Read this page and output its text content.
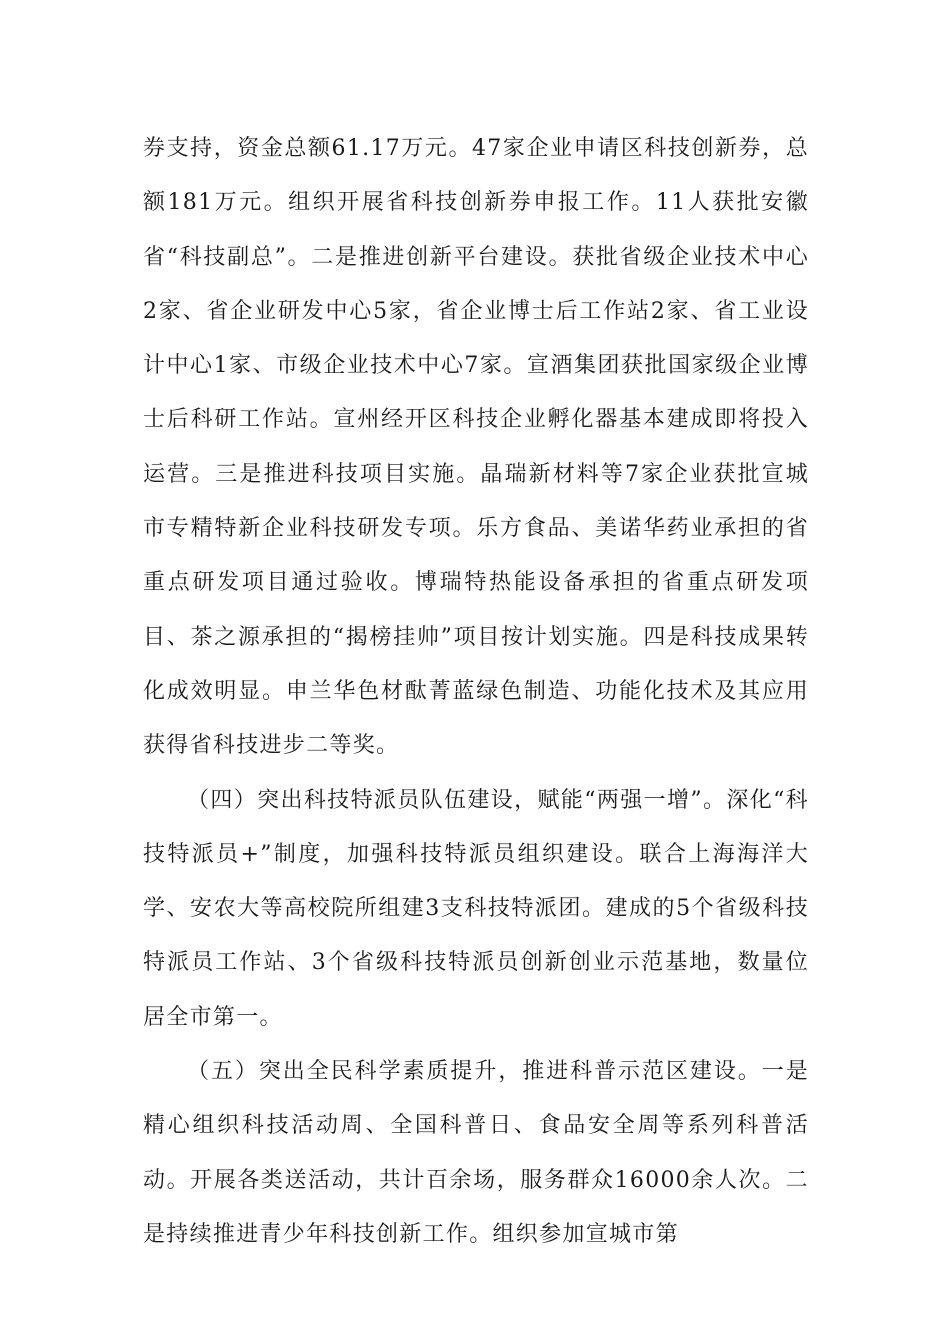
券支持，资金总额61.17万元。47家企业申请区科技创新券，总额181万元。组织开展省科技创新券申报工作。11人获批安徽省“科技副总”。二是推进创新平台建设。获批省级企业技术中心2家、省企业研发中心5家，省企业博士后工作站2家、省工业设计中心1家、市级企业技术中心7家。宣酒集团获批国家级企业博士后科研工作站。宣州经开区科技企业孵化器基本建成即将投入运营。三是推进科技项目实施。晶瑞新材料等7家企业获批宣城市专精特新企业科技研发专项。乐方食品、美诺华药业承担的省重点研发项目通过验收。博瑞特热能设备承担的省重点研发项目、茶之源承担的“揭榜挂帅”项目按计划实施。四是科技成果转化成效明显。申兰华色材酞菁蓝绿色制造、功能化技术及其应用获得省科技进步二等奖。

（四）突出科技特派员队伍建设，赋能“两强一增”。深化“科技特派员+”制度，加强科技特派员组织建设。联合上海海洋大学、安农大等高校院所组建3支科技特派团。建成的5个省级科技特派员工作站、3个省级科技特派员创新创业示范基地，数量位居全市第一。

（五）突出全民科学素质提升，推进科普示范区建设。一是精心组织科技活动周、全国科普日、食品安全周等系列科普活动。开展各类送活动，共计百余场，服务群众16000余人次。二是持续推进青少年科技创新工作。组织参加宣城市第
